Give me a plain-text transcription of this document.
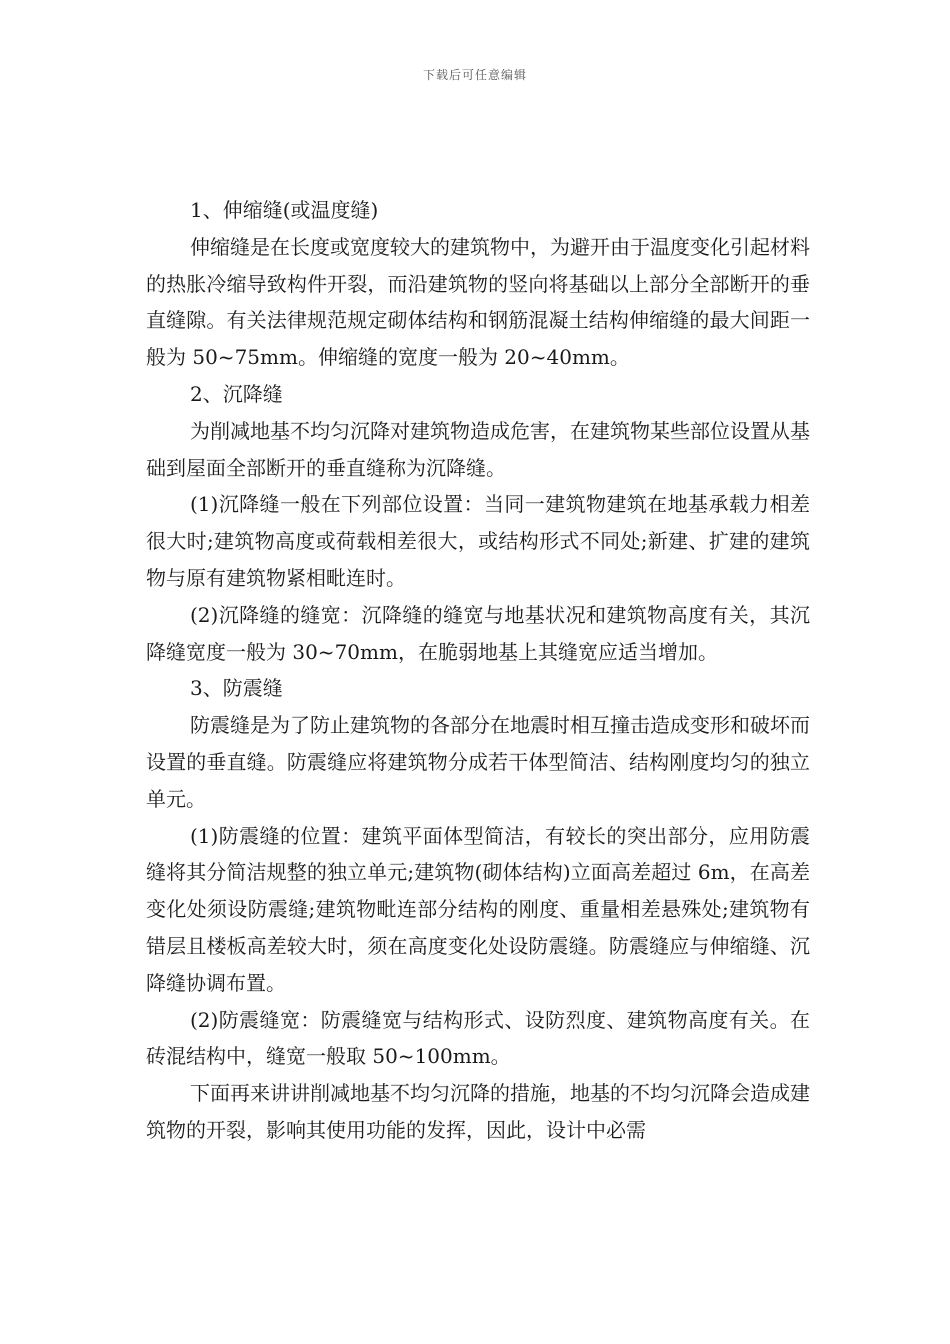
下载后可任意编辑

1、伸缩缝(或温度缝)

伸缩缝是在长度或宽度较大的建筑物中，为避开由于温度变化引起材料的热胀冷缩导致构件开裂，而沿建筑物的竖向将基础以上部分全部断开的垂直缝隙。有关法律规范规定砌体结构和钢筋混凝土结构伸缩缝的最大间距一般为 50~75mm。伸缩缝的宽度一般为 20~40mm。

2、沉降缝

为削减地基不均匀沉降对建筑物造成危害，在建筑物某些部位设置从基础到屋面全部断开的垂直缝称为沉降缝。

(1)沉降缝一般在下列部位设置：当同一建筑物建筑在地基承载力相差很大时;建筑物高度或荷载相差很大，或结构形式不同处;新建、扩建的建筑物与原有建筑物紧相毗连时。

(2)沉降缝的缝宽：沉降缝的缝宽与地基状况和建筑物高度有关，其沉降缝宽度一般为 30~70mm，在脆弱地基上其缝宽应适当增加。

3、防震缝

防震缝是为了防止建筑物的各部分在地震时相互撞击造成变形和破坏而设置的垂直缝。防震缝应将建筑物分成若干体型简洁、结构刚度均匀的独立单元。

(1)防震缝的位置：建筑平面体型简洁，有较长的突出部分，应用防震缝将其分简洁规整的独立单元;建筑物(砌体结构)立面高差超过 6m，在高差变化处须设防震缝;建筑物毗连部分结构的刚度、重量相差悬殊处;建筑物有错层且楼板高差较大时，须在高度变化处设防震缝。防震缝应与伸缩缝、沉降缝协调布置。

(2)防震缝宽：防震缝宽与结构形式、设防烈度、建筑物高度有关。在砖混结构中，缝宽一般取 50~100mm。

下面再来讲讲削减地基不均匀沉降的措施，地基的不均匀沉降会造成建筑物的开裂，影响其使用功能的发挥，因此，设计中必需
